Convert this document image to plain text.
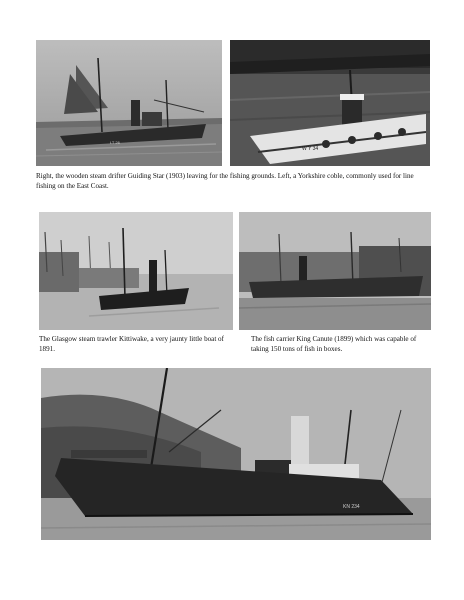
LT 26
W Y 34
Right, the wooden steam drifter Guiding Star (1903) leaving for the fishing grounds. Left, a Yorkshire coble, commonly used for line fishing on the East Coast.
The Glasgow steam trawler Kittiwake, a very jaunty little boat of 1891.
The fish carrier King Canute (1899) which was capable of taking 150 tons of fish in boxes.
KN 234
